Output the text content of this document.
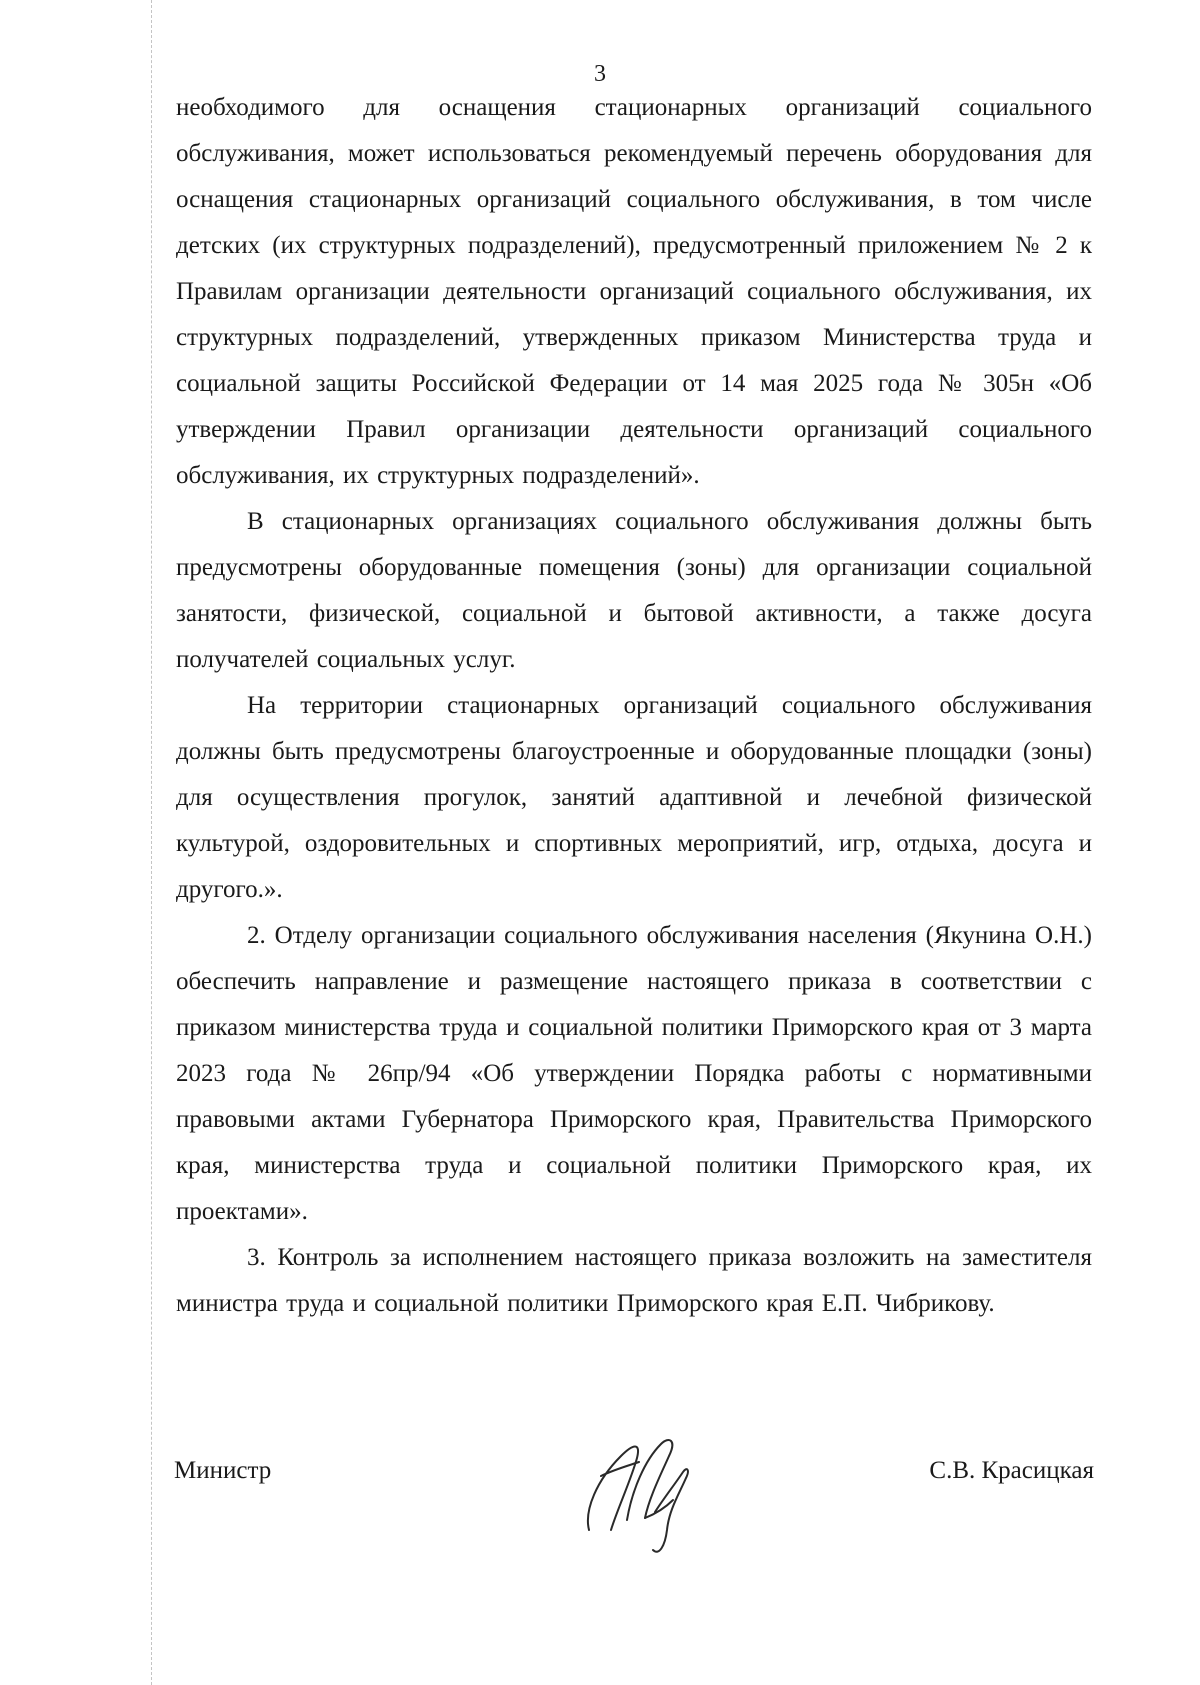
3

необходимого для оснащения стационарных организаций социального обслуживания, может использоваться рекомендуемый перечень оборудования для оснащения стационарных организаций социального обслуживания, в том числе детских (их структурных подразделений), предусмотренный приложением № 2 к Правилам организации деятельности организаций социального обслуживания, их структурных подразделений, утвержденных приказом Министерства труда и социальной защиты Российской Федерации от 14 мая 2025 года № 305н «Об утверждении Правил организации деятельности организаций социального обслуживания, их структурных подразделений».

В стационарных организациях социального обслуживания должны быть предусмотрены оборудованные помещения (зоны) для организации социальной занятости, физической, социальной и бытовой активности, а также досуга получателей социальных услуг.

На территории стационарных организаций социального обслуживания должны быть предусмотрены благоустроенные и оборудованные площадки (зоны) для осуществления прогулок, занятий адаптивной и лечебной физической культурой, оздоровительных и спортивных мероприятий, игр, отдыха, досуга и другого.».

2. Отделу организации социального обслуживания населения (Якунина О.Н.) обеспечить направление и размещение настоящего приказа в соответствии с приказом министерства труда и социальной политики Приморского края от 3 марта 2023 года № 26пр/94 «Об утверждении Порядка работы с нормативными правовыми актами Губернатора Приморского края, Правительства Приморского края, министерства труда и социальной политики Приморского края, их проектами».

3. Контроль за исполнением настоящего приказа возложить на заместителя министра труда и социальной политики Приморского края Е.П. Чибрикову.

Министр	С.В. Красицкая
